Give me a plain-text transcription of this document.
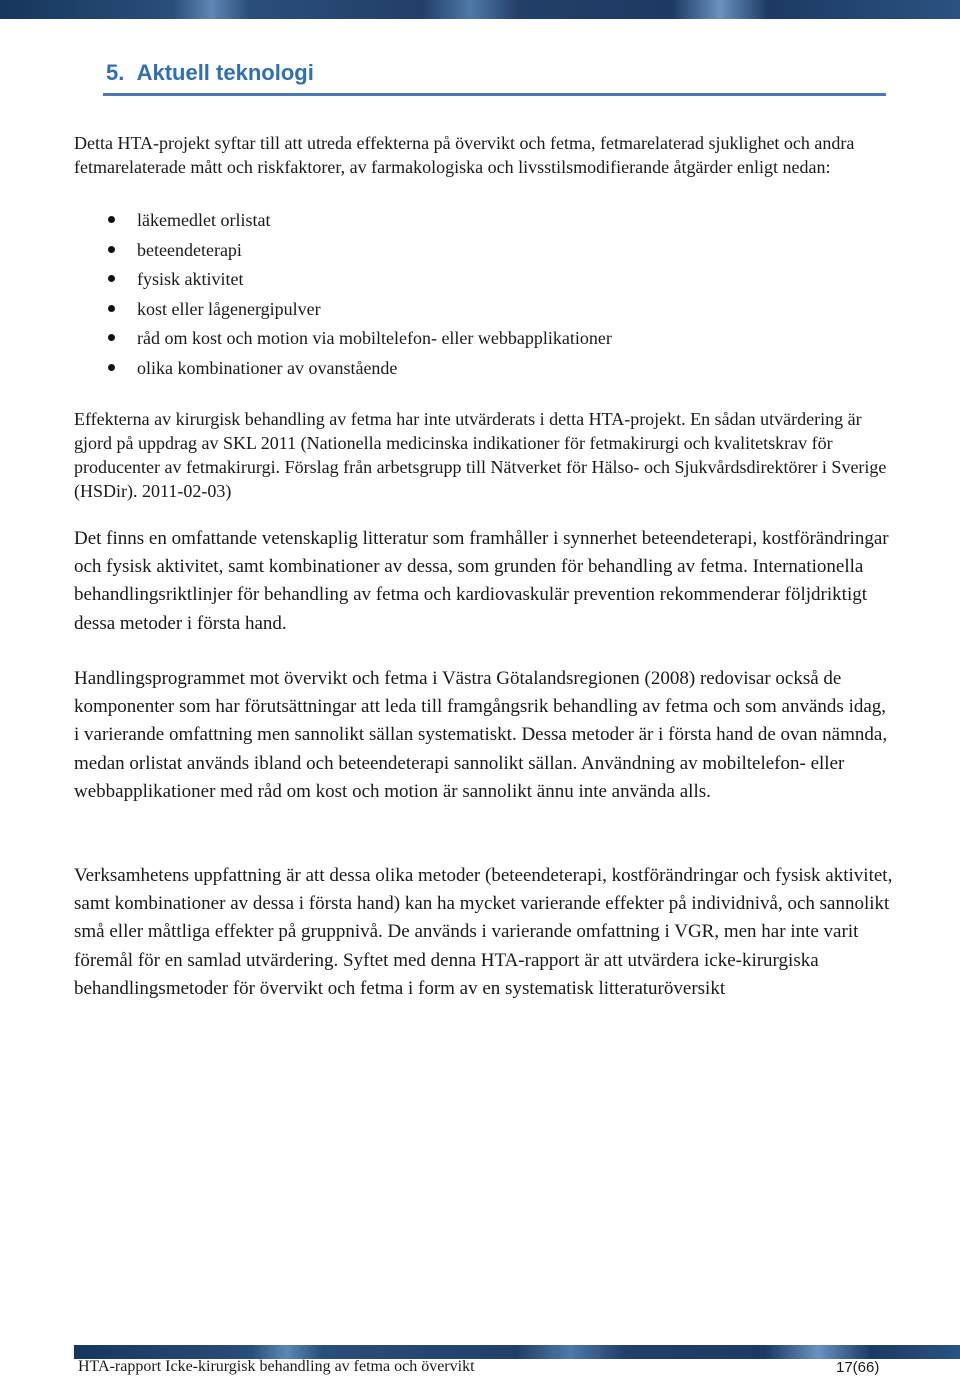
5.  Aktuell teknologi

Detta HTA-projekt syftar till att utreda effekterna på övervikt och fetma, fetmarelaterad sjuklighet och andra fetmarelaterade mått och riskfaktorer, av farmakologiska och livsstilsmodifierande åtgärder enligt nedan:

läkemedlet orlistat
beteendeterapi
fysisk aktivitet
kost eller lågenergipulver
råd om kost och motion via mobiltelefon- eller webbapplikationer
olika kombinationer av ovanstående

Effekterna av kirurgisk behandling av fetma har inte utvärderats i detta HTA-projekt. En sådan utvärdering är gjord på uppdrag av SKL 2011 (Nationella medicinska indikationer för fetmakirurgi och kvalitetskrav för producenter av fetmakirurgi. Förslag från arbetsgrupp till Nätverket för Hälso- och Sjukvårdsdirektörer i Sverige (HSDir). 2011-02-03)

Det finns en omfattande vetenskaplig litteratur som framhåller i synnerhet beteendeterapi, kostförändringar och fysisk aktivitet, samt kombinationer av dessa, som grunden för behandling av fetma. Internationella behandlingsriktlinjer för behandling av fetma och kardiovaskulär prevention rekommenderar följdriktigt dessa metoder i första hand.

Handlingsprogrammet mot övervikt och fetma i Västra Götalandsregionen (2008) redovisar också de komponenter som har förutsättningar att leda till framgångsrik behandling av fetma och som används idag, i varierande omfattning men sannolikt sällan systematiskt. Dessa metoder är i första hand de ovan nämnda, medan orlistat används ibland och beteendeterapi sannolikt sällan. Användning av mobiltelefon- eller webbapplikationer med råd om kost och motion är sannolikt ännu inte använda alls.

Verksamhetens uppfattning är att dessa olika metoder (beteendeterapi, kostförändringar och fysisk aktivitet, samt kombinationer av dessa i första hand) kan ha mycket varierande effekter på individnivå, och sannolikt små eller måttliga effekter på gruppnivå. De används i varierande omfattning i VGR, men har inte varit föremål för en samlad utvärdering. Syftet med denna HTA-rapport är att utvärdera icke-kirurgiska behandlingsmetoder för övervikt och fetma i form av en systematisk litteraturöversikt

HTA-rapport Icke-kirurgisk behandling av fetma och övervikt	17(66)
